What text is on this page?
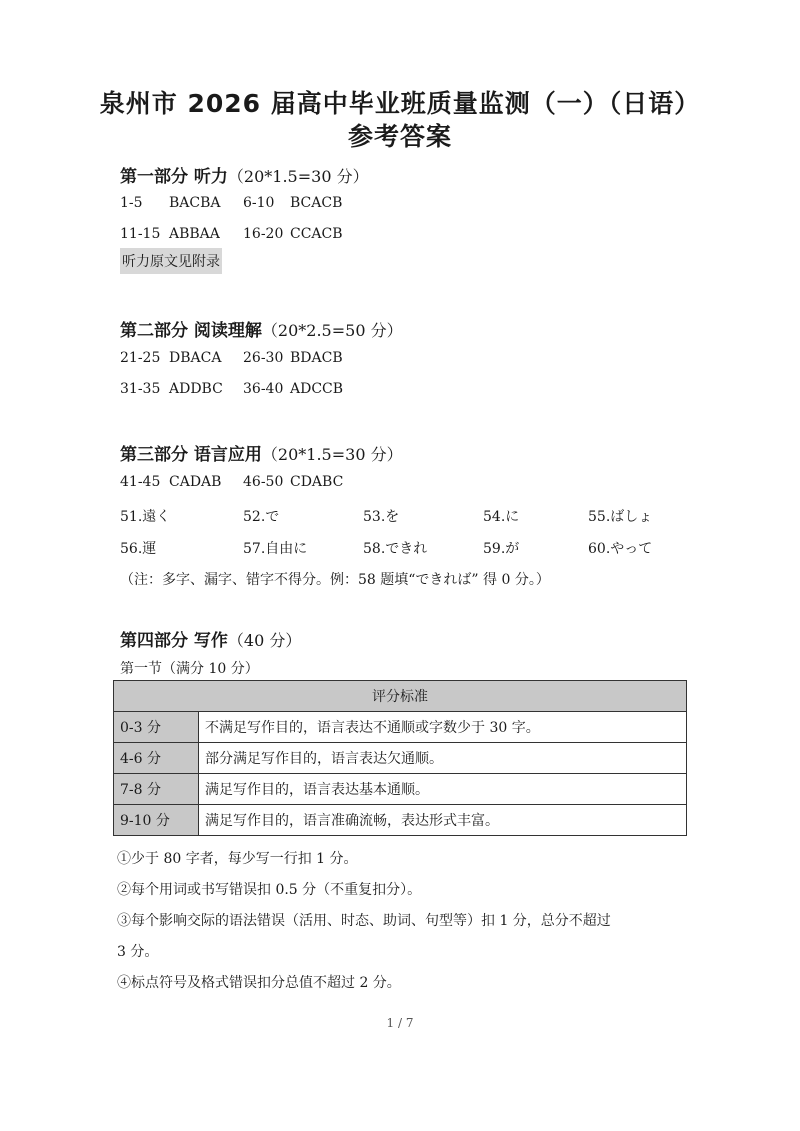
泉州市 2026 届高中毕业班质量监测（一）（日语）
参考答案
第一部分 听力（20*1.5=30 分）
1-5 BACBA 6-10 BCACB
11-15 ABBAA 16-20 CCACB
听力原文见附录
第二部分 阅读理解（20*2.5=50 分）
21-25 DBACA 26-30 BDACB
31-35 ADDBC 36-40 ADCCB
第三部分 语言应用（20*1.5=30 分）
41-45 CADAB 46-50 CDABC
51.遠く	52.で	53.を	54.に	55.ばしょ
56.運	57.自由に	58.できれ	59.が	60.やって
（注：多字、漏字、错字不得分。例：58 题填“できれば” 得 0 分。）
第四部分 写作（40 分）
第一节（满分 10 分）
评分标准	
0-3 分	不满足写作目的，语言表达不通顺或字数少于 30 字。
4-6 分	部分满足写作目的，语言表达欠通顺。
7-8 分	满足写作目的，语言表达基本通顺。
9-10 分	满足写作目的，语言准确流畅，表达形式丰富。
①少于 80 字者，每少写一行扣 1 分。
②每个用词或书写错误扣 0.5 分（不重复扣分）。
③每个影响交际的语法错误（活用、时态、助词、句型等）扣 1 分，总分不超过
3 分。
④标点符号及格式错误扣分总值不超过 2 分。
1 / 7
